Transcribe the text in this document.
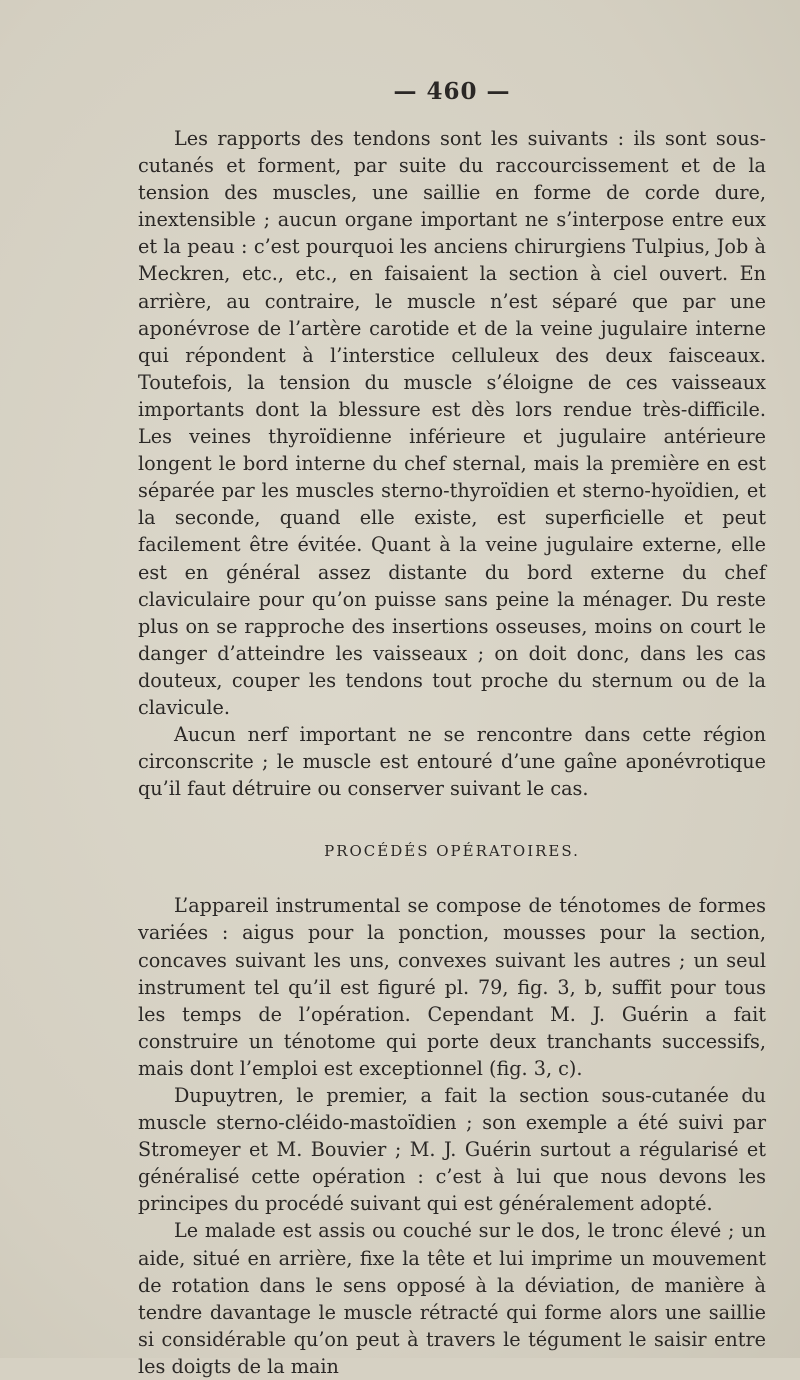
— 460 —

Les rapports des tendons sont les suivants : ils sont sous-cutanés et forment, par suite du raccourcissement et de la tension des muscles, une saillie en forme de corde dure, inextensible ; aucun organe important ne s’interpose entre eux et la peau : c’est pourquoi les anciens chirurgiens Tulpius, Job à Meckren, etc., etc., en faisaient la section à ciel ouvert. En arrière, au contraire, le muscle n’est séparé que par une aponévrose de l’artère carotide et de la veine jugulaire interne qui répondent à l’interstice celluleux des deux faisceaux. Toutefois, la tension du muscle s’éloigne de ces vaisseaux importants dont la blessure est dès lors rendue très-difficile. Les veines thyroïdienne inférieure et jugulaire antérieure longent le bord interne du chef sternal, mais la première en est séparée par les muscles sterno-thyroïdien et sterno-hyoïdien, et la seconde, quand elle existe, est superficielle et peut facilement être évitée. Quant à la veine jugulaire externe, elle est en général assez distante du bord externe du chef claviculaire pour qu’on puisse sans peine la ménager. Du reste plus on se rapproche des insertions osseuses, moins on court le danger d’atteindre les vaisseaux ; on doit donc, dans les cas douteux, couper les tendons tout proche du sternum ou de la clavicule.

Aucun nerf important ne se rencontre dans cette région circonscrite ; le muscle est entouré d’une gaîne aponévrotique qu’il faut détruire ou conserver suivant le cas.

PROCÉDÉS OPÉRATOIRES.

L’appareil instrumental se compose de ténotomes de formes variées : aigus pour la ponction, mousses pour la section, concaves suivant les uns, convexes suivant les autres ; un seul instrument tel qu’il est figuré pl. 79, fig. 3, b, suffit pour tous les temps de l’opération. Cependant M. J. Guérin a fait construire un ténotome qui porte deux tranchants successifs, mais dont l’emploi est exceptionnel (fig. 3, c).

Dupuytren, le premier, a fait la section sous-cutanée du muscle sterno-cléido-mastoïdien ; son exemple a été suivi par Stromeyer et M. Bouvier ; M. J. Guérin surtout a régularisé et généralisé cette opération : c’est à lui que nous devons les principes du procédé suivant qui est généralement adopté.

Le malade est assis ou couché sur le dos, le tronc élevé ; un aide, situé en arrière, fixe la tête et lui imprime un mouvement de rotation dans le sens opposé à la déviation, de manière à tendre davantage le muscle rétracté qui forme alors une saillie si considérable qu’on peut à travers le tégument le saisir entre les doigts de la main
